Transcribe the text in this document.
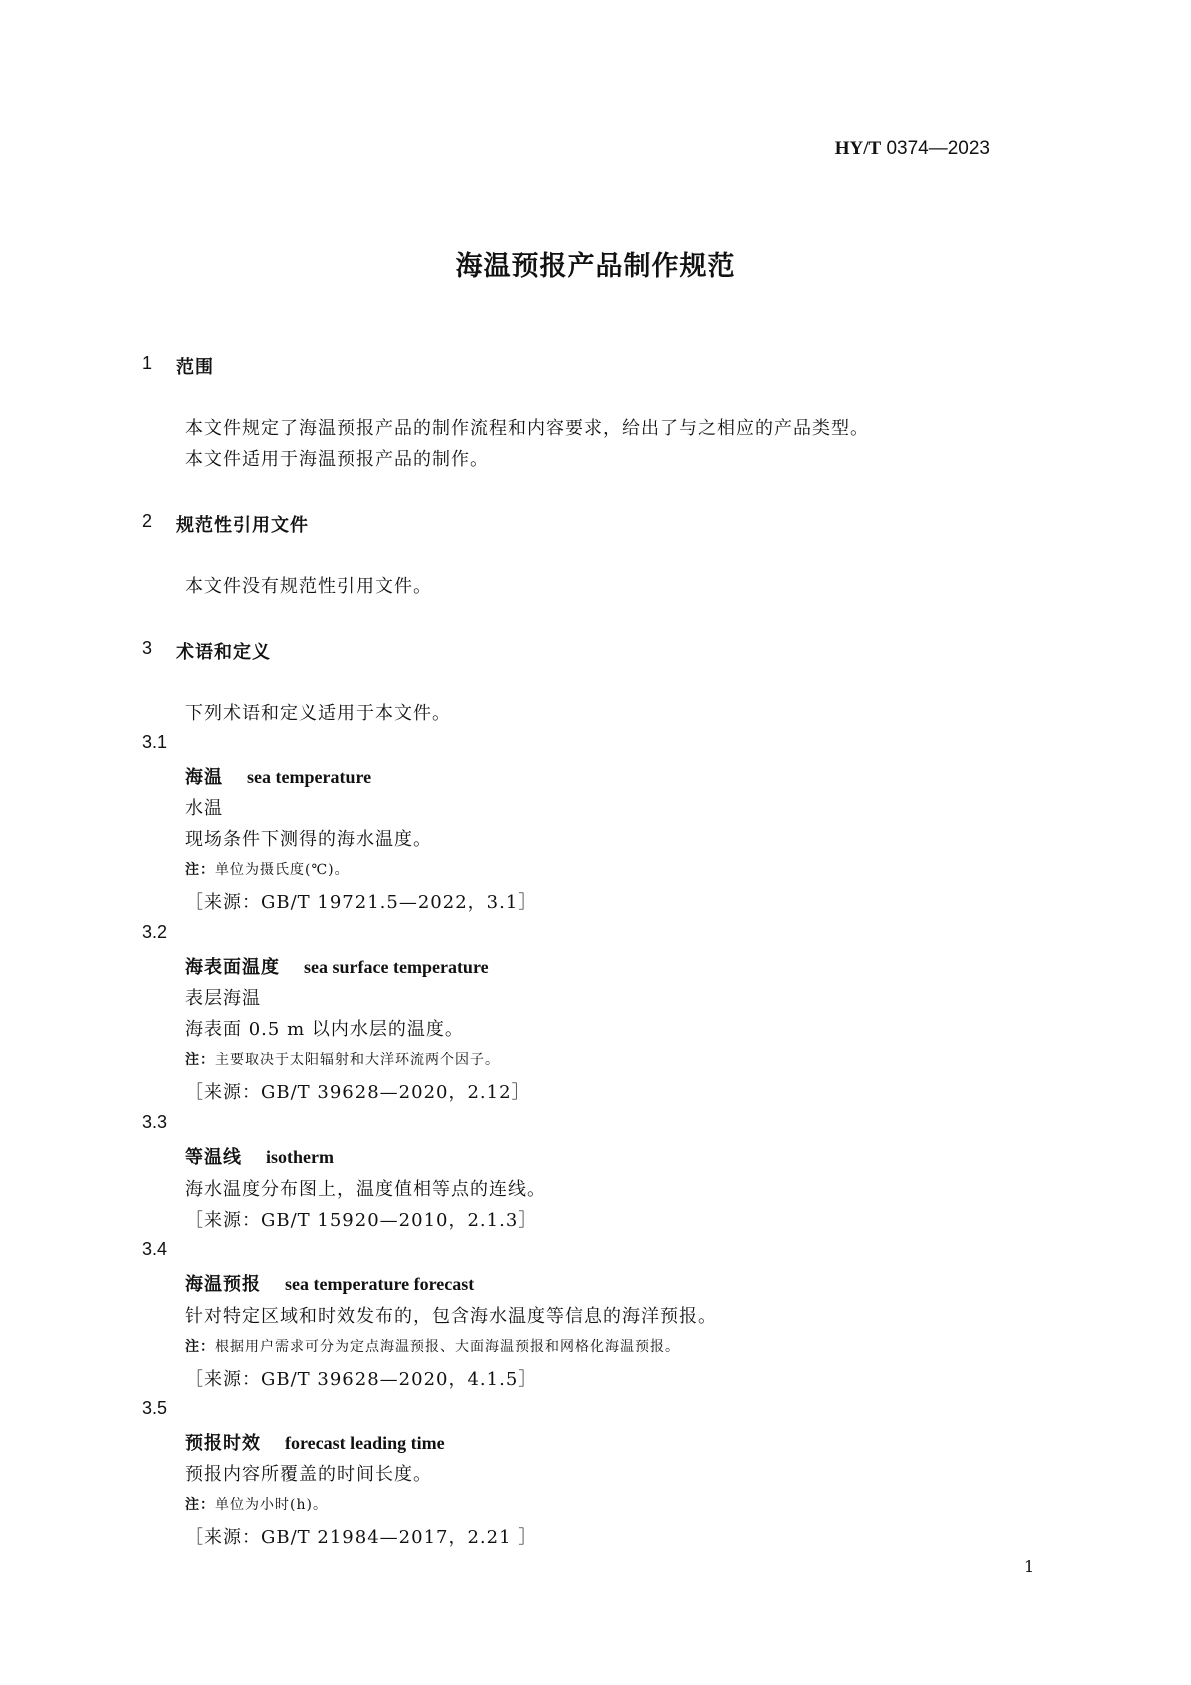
HY/T 0374—2023
海温预报产品制作规范
1 范围
本文件规定了海温预报产品的制作流程和内容要求，给出了与之相应的产品类型。
本文件适用于海温预报产品的制作。
2 规范性引用文件
本文件没有规范性引用文件。
3 术语和定义
下列术语和定义适用于本文件。
3.1
海温 sea temperature
水温
现场条件下测得的海水温度。
注：单位为摄氏度(℃)。
［来源：GB/T 19721.5—2022，3.1］
3.2
海表面温度 sea surface temperature
表层海温
海表面 0.5 m 以内水层的温度。
注：主要取决于太阳辐射和大洋环流两个因子。
［来源：GB/T 39628—2020，2.12］
3.3
等温线 isotherm
海水温度分布图上，温度值相等点的连线。
［来源：GB/T 15920—2010，2.1.3］
3.4
海温预报 sea temperature forecast
针对特定区域和时效发布的，包含海水温度等信息的海洋预报。
注：根据用户需求可分为定点海温预报、大面海温预报和网格化海温预报。
［来源：GB/T 39628—2020，4.1.5］
3.5
预报时效 forecast leading time
预报内容所覆盖的时间长度。
注：单位为小时(h)。
［来源：GB/T 21984—2017，2.21 ］
1
